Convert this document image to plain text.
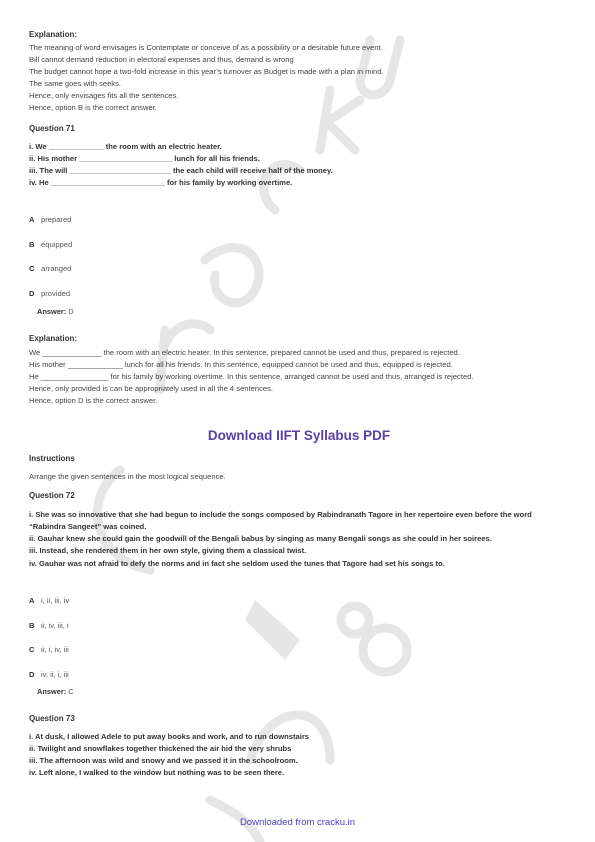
Explanation:
The meaning of word envisages is Contemplate or conceive of as a possibility or a desirable future event.
Bill cannot demand reduction in electoral expenses and thus, demand is wrong
The budget cannot hope a two-fold increase in this year’s turnover as Budget is made with a plan in mind.
The same goes with seeks.
Hence, only envisages fits all the sentences.
Hence, option B is the correct answer.
Question 71
i. We _____________ the room with an electric heater.
ii. His mother ______________________ lunch for all his friends.
iii. The will ________________________ the each child will receive half of the money.
iv. He ___________________________ for his family by working overtime.
A prepared
B equipped
C arranged
D provided
Answer: D
Explanation:
We ______________ the room with an electric heater. In this sentence, prepared cannot be used and thus, prepared is rejected.
His mother _____________ lunch for all his friends. In this sentence, equipped cannot be used and thus, equipped is rejected.
He ________________ for his family by working overtime. In this sentence, arranged cannot be used and thus, arranged is rejected.
Hence, only provided is can be appropriately used in all the 4 sentences.
Hence, option D is the correct answer.
Download IIFT Syllabus PDF
Instructions
Arrange the given sentences in the most logical sequence.
Question 72
i. She was so innovative that she had begun to include the songs composed by Rabindranath Tagore in her repertoire even before the word “Rabindra Sangeet” was coined.
ii. Gauhar knew she could gain the goodwill of the Bengali babus by singing as many Bengali songs as she could in her soirees.
iii. Instead, she rendered them in her own style, giving them a classical twist.
iv. Gauhar was not afraid to defy the norms and in fact she seldom used the tunes that Tagore had set his songs to.
A i, ii, iii, iv
B ii, iv, iii, i
C ii, i, iv, iii
D iv, ii, i, iii
Answer: C
Question 73
i. At dusk, I allowed Adele to put away books and work, and to run downstairs
ii. Twilight and snowflakes together thickened the air hid the very shrubs
iii. The afternoon was wild and snowy and we passed it in the schoolroom.
iv. Left alone, I walked to the window but nothing was to be seen there.
Downloaded from cracku.in
